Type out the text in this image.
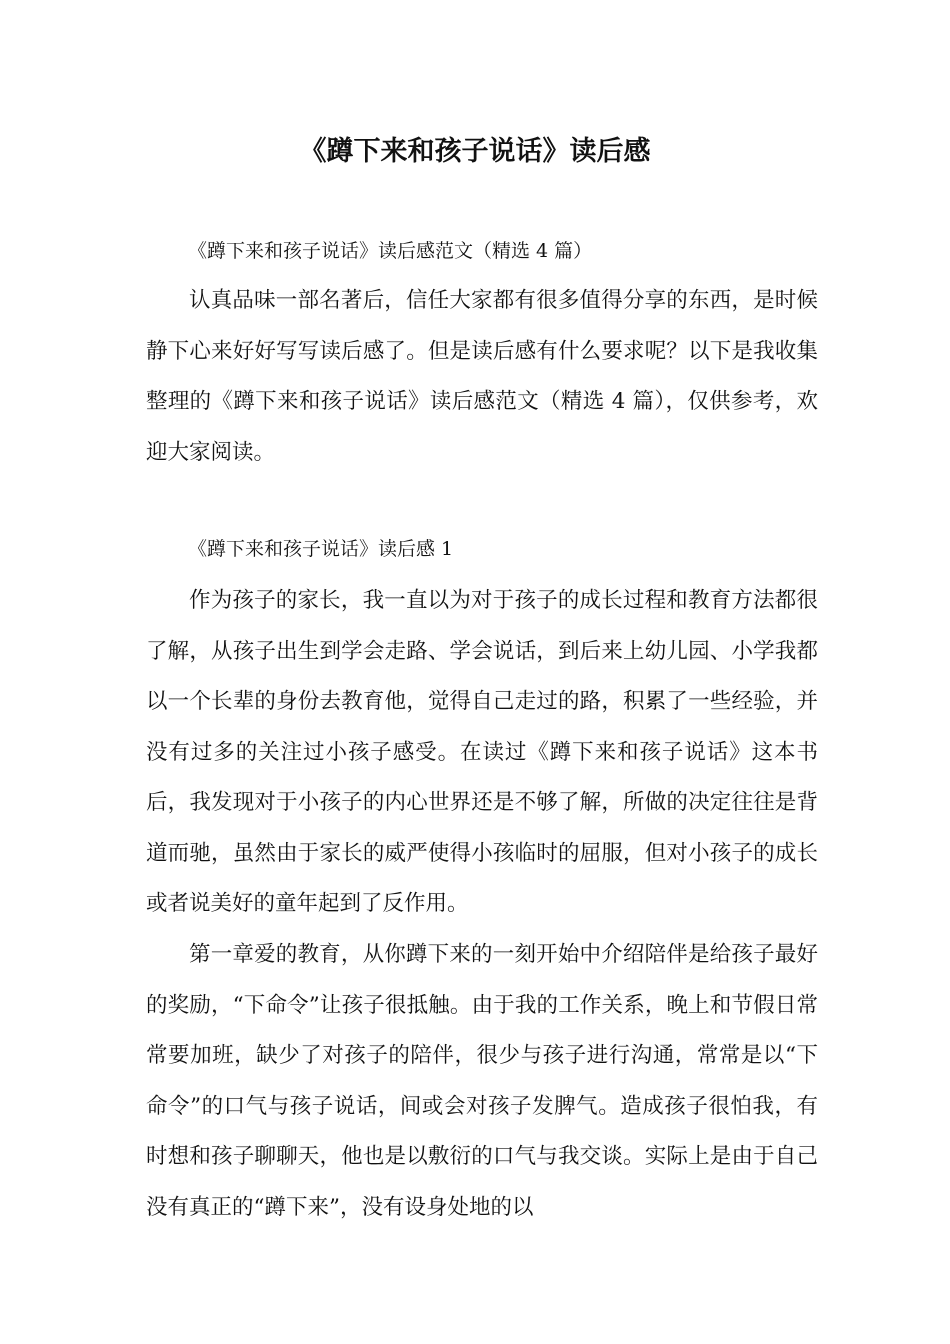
《蹲下来和孩子说话》读后感
《蹲下来和孩子说话》读后感范文（精选 4 篇）

认真品味一部名著后，信任大家都有很多值得分享的东西，是时候静下心来好好写写读后感了。但是读后感有什么要求呢？以下是我收集整理的《蹲下来和孩子说话》读后感范文（精选 4 篇），仅供参考，欢迎大家阅读。

《蹲下来和孩子说话》读后感 1

作为孩子的家长，我一直以为对于孩子的成长过程和教育方法都很了解，从孩子出生到学会走路、学会说话，到后来上幼儿园、小学我都以一个长辈的身份去教育他，觉得自己走过的路，积累了一些经验，并没有过多的关注过小孩子感受。在读过《蹲下来和孩子说话》这本书后，我发现对于小孩子的内心世界还是不够了解，所做的决定往往是背道而驰，虽然由于家长的威严使得小孩临时的屈服，但对小孩子的成长或者说美好的童年起到了反作用。

第一章爱的教育，从你蹲下来的一刻开始中介绍陪伴是给孩子最好的奖励，“下命令”让孩子很抵触。由于我的工作关系，晚上和节假日常常要加班，缺少了对孩子的陪伴，很少与孩子进行沟通，常常是以“下命令”的口气与孩子说话，间或会对孩子发脾气。造成孩子很怕我，有时想和孩子聊聊天，他也是以敷衍的口气与我交谈。实际上是由于自己没有真正的“蹲下来”，没有设身处地的以
